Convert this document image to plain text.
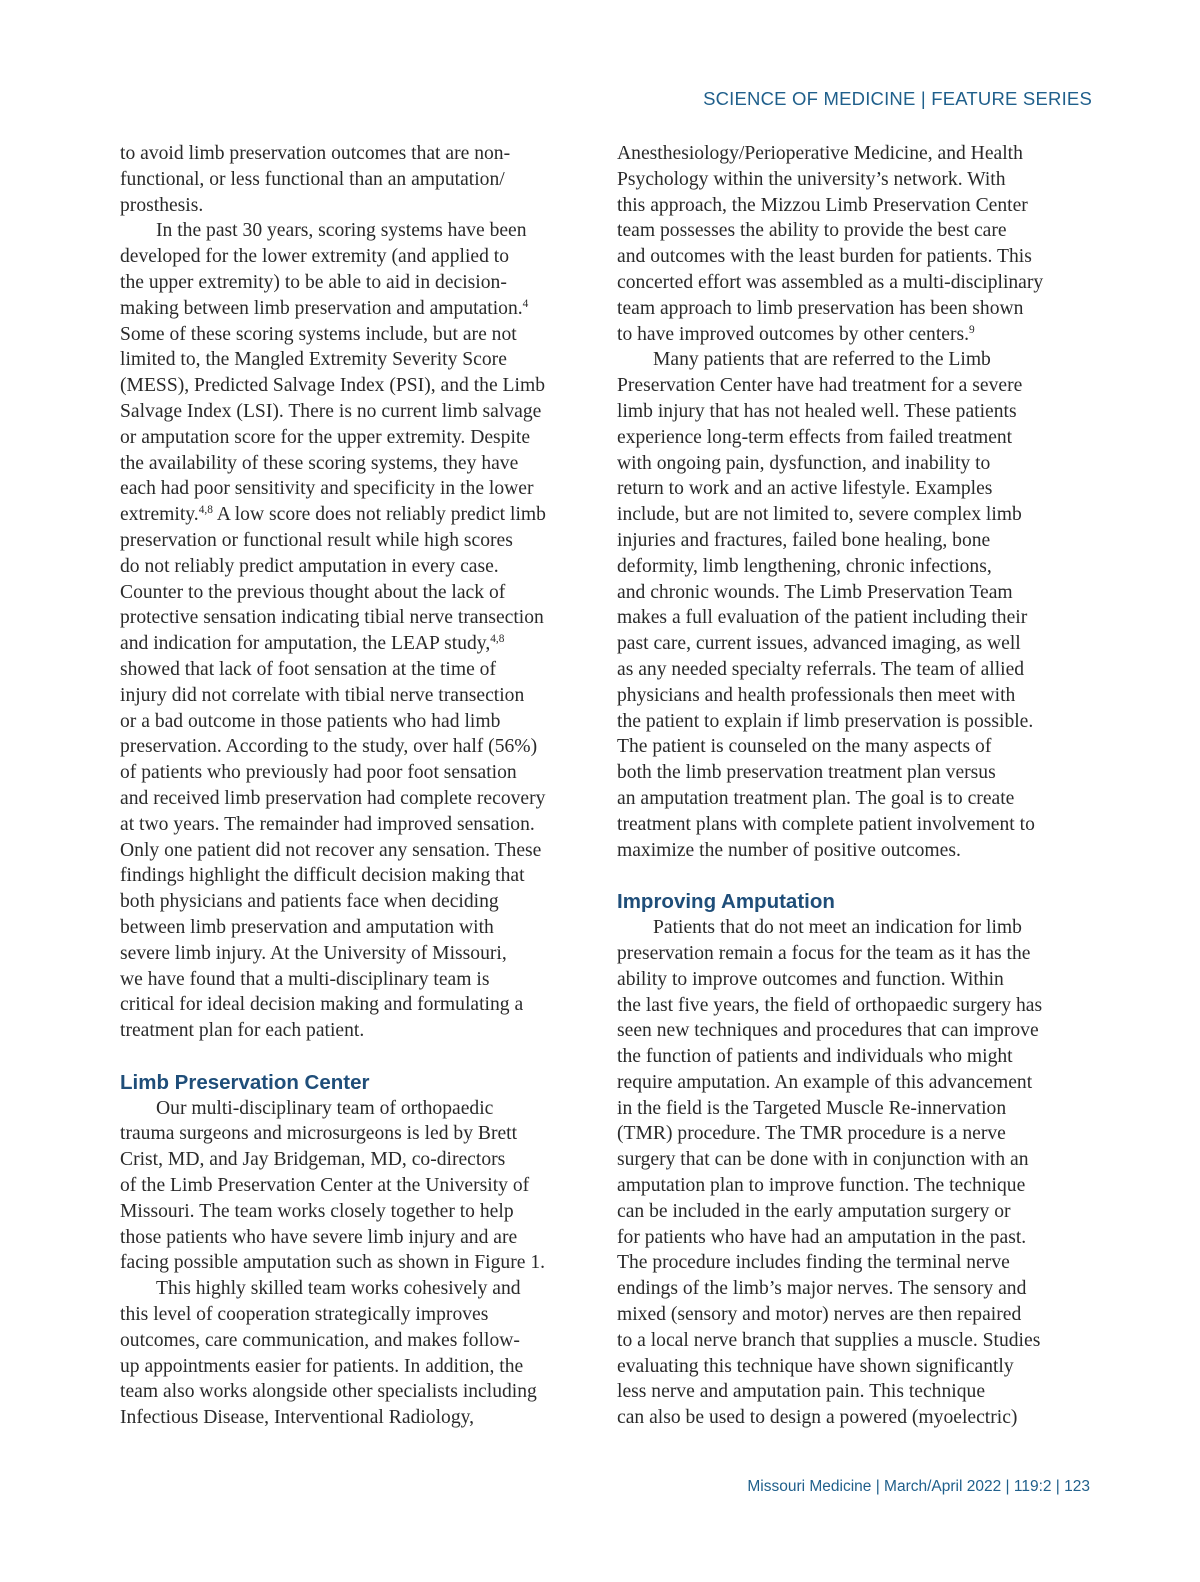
SCIENCE OF MEDICINE | FEATURE SERIES

to avoid limb preservation outcomes that are non-
functional, or less functional than an amputation/
prosthesis.

In the past 30 years, scoring systems have been
developed for the lower extremity (and applied to
the upper extremity) to be able to aid in decision-
making between limb preservation and amputation.$^4$
Some of these scoring systems include, but are not
limited to, the Mangled Extremity Severity Score
(MESS), Predicted Salvage Index (PSI), and the Limb
Salvage Index (LSI). There is no current limb salvage
or amputation score for the upper extremity. Despite
the availability of these scoring systems, they have
each had poor sensitivity and specificity in the lower
extremity.$^{4,8}$ A low score does not reliably predict limb
preservation or functional result while high scores
do not reliably predict amputation in every case.
Counter to the previous thought about the lack of
protective sensation indicating tibial nerve transection
and indication for amputation, the LEAP study,$^{4,8}$
showed that lack of foot sensation at the time of
injury did not correlate with tibial nerve transection
or a bad outcome in those patients who had limb
preservation. According to the study, over half (56%)
of patients who previously had poor foot sensation
and received limb preservation had complete recovery
at two years. The remainder had improved sensation.
Only one patient did not recover any sensation. These
findings highlight the difficult decision making that
both physicians and patients face when deciding
between limb preservation and amputation with
severe limb injury. At the University of Missouri,
we have found that a multi-disciplinary team is
critical for ideal decision making and formulating a
treatment plan for each patient.

Limb Preservation Center

Our multi-disciplinary team of orthopaedic
trauma surgeons and microsurgeons is led by Brett
Crist, MD, and Jay Bridgeman, MD, co-directors
of the Limb Preservation Center at the University of
Missouri. The team works closely together to help
those patients who have severe limb injury and are
facing possible amputation such as shown in Figure 1.

This highly skilled team works cohesively and
this level of cooperation strategically improves
outcomes, care communication, and makes follow-
up appointments easier for patients. In addition, the
team also works alongside other specialists including
Infectious Disease, Interventional Radiology,

Anesthesiology/Perioperative Medicine, and Health
Psychology within the university’s network. With
this approach, the Mizzou Limb Preservation Center
team possesses the ability to provide the best care
and outcomes with the least burden for patients. This
concerted effort was assembled as a multi-disciplinary
team approach to limb preservation has been shown
to have improved outcomes by other centers.$^9$

Many patients that are referred to the Limb
Preservation Center have had treatment for a severe
limb injury that has not healed well. These patients
experience long-term effects from failed treatment
with ongoing pain, dysfunction, and inability to
return to work and an active lifestyle. Examples
include, but are not limited to, severe complex limb
injuries and fractures, failed bone healing, bone
deformity, limb lengthening, chronic infections,
and chronic wounds. The Limb Preservation Team
makes a full evaluation of the patient including their
past care, current issues, advanced imaging, as well
as any needed specialty referrals. The team of allied
physicians and health professionals then meet with
the patient to explain if limb preservation is possible.
The patient is counseled on the many aspects of
both the limb preservation treatment plan versus
an amputation treatment plan. The goal is to create
treatment plans with complete patient involvement to
maximize the number of positive outcomes.

Improving Amputation

Patients that do not meet an indication for limb
preservation remain a focus for the team as it has the
ability to improve outcomes and function. Within
the last five years, the field of orthopaedic surgery has
seen new techniques and procedures that can improve
the function of patients and individuals who might
require amputation. An example of this advancement
in the field is the Targeted Muscle Re-innervation
(TMR) procedure. The TMR procedure is a nerve
surgery that can be done with in conjunction with an
amputation plan to improve function. The technique
can be included in the early amputation surgery or
for patients who have had an amputation in the past.
The procedure includes finding the terminal nerve
endings of the limb’s major nerves. The sensory and
mixed (sensory and motor) nerves are then repaired
to a local nerve branch that supplies a muscle. Studies
evaluating this technique have shown significantly
less nerve and amputation pain. This technique
can also be used to design a powered (myoelectric)

Missouri Medicine | March/April 2022 | 119:2 | 123
